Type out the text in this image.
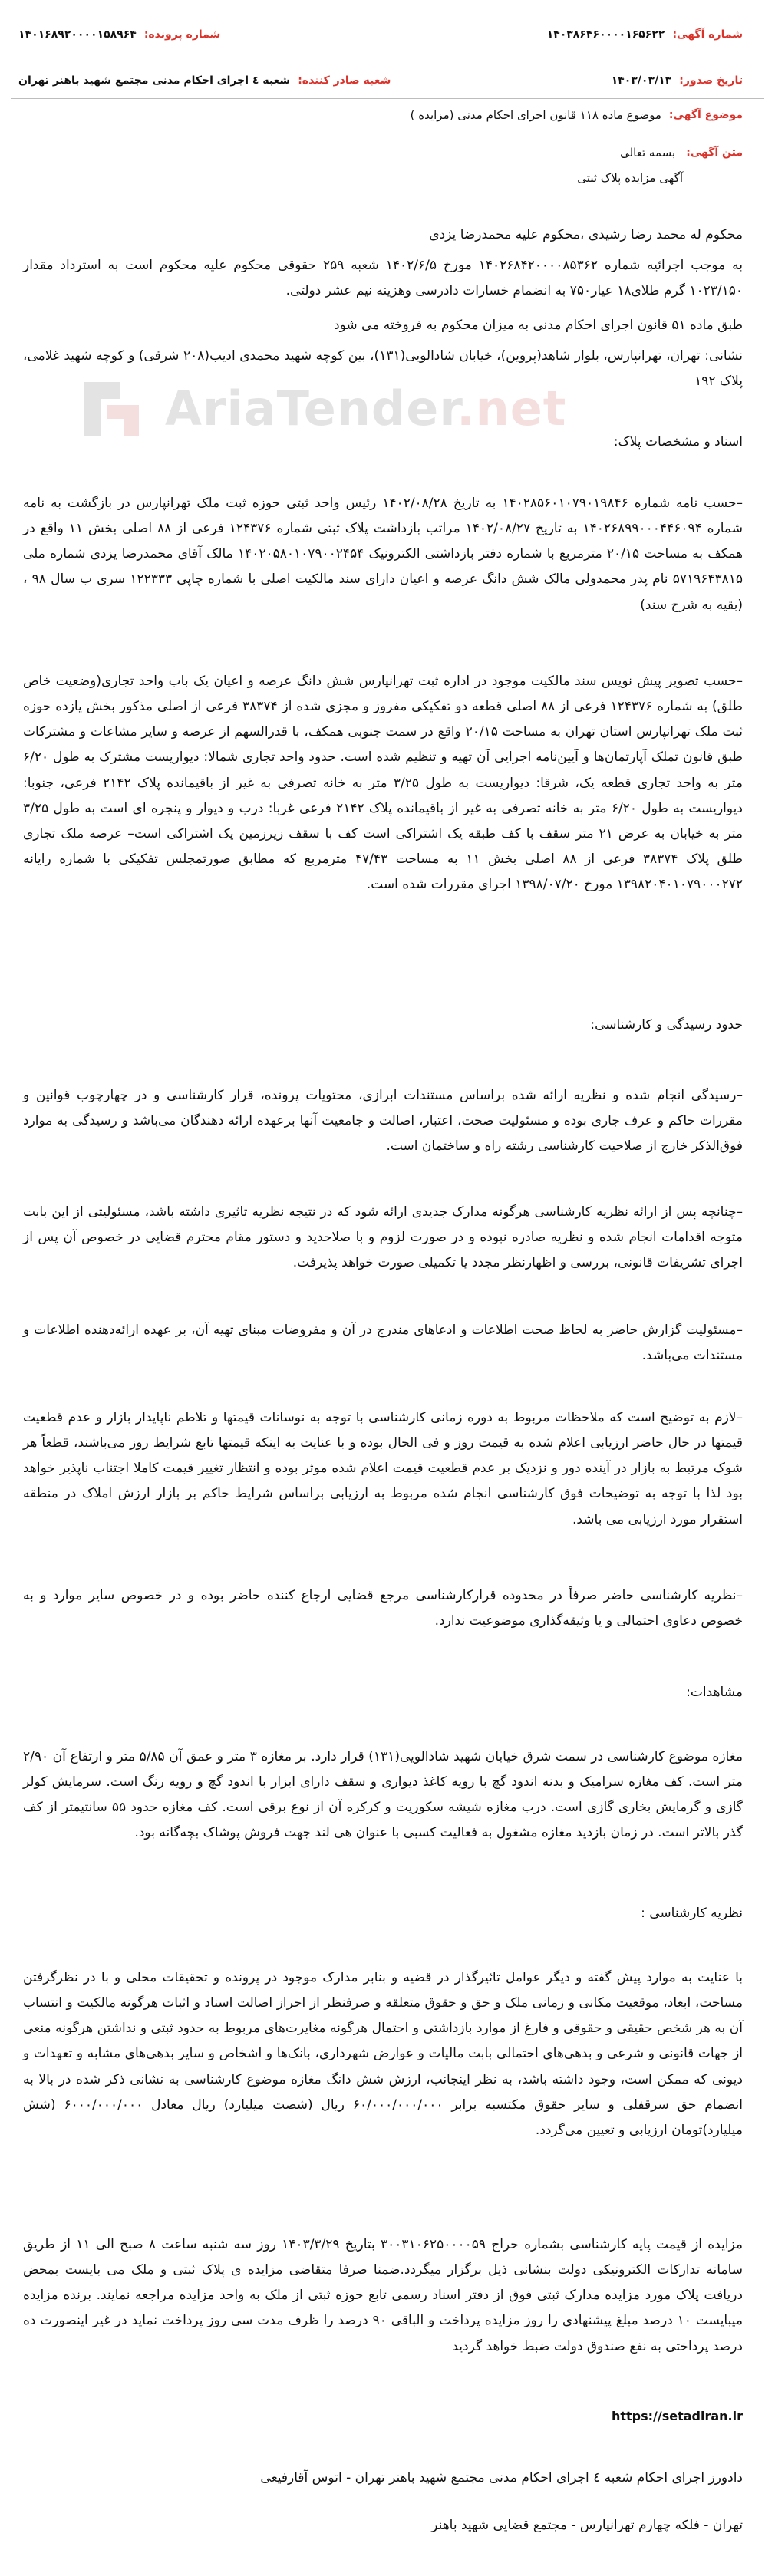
شماره آگهی:
۱۴۰۳۸۶۴۶۰۰۰۰۱۶۵۶۲۲
شماره پرونده:
۱۴۰۱۶۸۹۲۰۰۰۰۱۵۸۹۶۴
تاریخ صدور:
۱۴۰۳/۰۳/۱۳
شعبه صادر کننده:
شعبه ٤ اجرای احکام مدنی مجتمع شهید باهنر تهران
موضوع آگهی:
موضوع ماده ۱۱۸ قانون اجرای احکام مدنی (مزایده )
متن آگهی:
بسمه تعالی
آگهی مزایده پلاک ثبتی
AriaTender.net

محکوم له محمد رضا رشیدی ،محکوم علیه محمدرضا یزدی

به موجب اجرائیه شماره ۱۴۰۲۶۸۴۲۰۰۰۰۸۵۳۶۲ مورخ ۱۴۰۲/۶/۵ شعبه ۲۵۹ حقوقی محکوم علیه محکوم است به استرداد مقدار ۱۰۲۳/۱۵۰ گرم طلای۱۸ عیار۷۵۰ به انضمام خسارات دادرسی وهزینه نیم عشر دولتی.

طبق ماده ۵۱ قانون اجرای احکام مدنی به میزان محکوم به فروخته می شود

نشانی: تهران، تهرانپارس، بلوار شاهد(پروین)، خیابان شادالویی(۱۳۱)، بین کوچه شهید محمدی ادیب(۲۰۸ شرقی) و کوچه شهید غلامی، پلاک ۱۹۲

اسناد و مشخصات پلاک:

–حسب نامه شماره ۱۴۰۲۸۵۶۰۱۰۷۹۰۱۹۸۴۶ به تاریخ ۱۴۰۲/۰۸/۲۸ رئیس واحد ثبتی حوزه ثبت ملک تهرانپارس در بازگشت به نامه شماره ۱۴۰۲۶۸۹۹۰۰۰۴۴۶۰۹۴ به تاریخ ۱۴۰۲/۰۸/۲۷ مراتب بازداشت پلاک ثبتی شماره ۱۲۴۳۷۶ فرعی از ۸۸ اصلی بخش ۱۱ واقع در همکف به مساحت ۲۰/۱۵ مترمربع با شماره دفتر بازداشتی الکترونیک ۱۴۰۲۰۵۸۰۱۰۷۹۰۰۲۴۵۴ مالک آقای محمدرضا یزدی شماره ملی ۵۷۱۹۶۴۳۸۱۵ نام پدر محمدولی مالک شش دانگ عرصه و اعیان دارای سند مالکیت اصلی با شماره چاپی ۱۲۲۳۳۳ سری ب سال ۹۸ ، (بقیه به شرح سند)

–حسب تصویر پیش نویس سند مالکیت موجود در اداره ثبت تهرانپارس شش دانگ عرصه و اعیان یک باب واحد تجاری(وضعیت خاص طلق) به شماره ۱۲۴۳۷۶ فرعی از ۸۸ اصلی قطعه دو تفکیکی مفروز و مجزی شده از ۳۸۳۷۴ فرعی از اصلی مذکور بخش یازده حوزه ثبت ملک تهرانپارس استان تهران به مساحت ۲۰/۱۵ واقع در سمت جنوبی همکف، با قدرالسهم از عرصه و سایر مشاعات و مشترکات طبق قانون تملک آپارتمان‌ها و آیین‌نامه اجرایی آن تهیه و تنظیم شده است. حدود واحد تجاری شمالا: دیواریست مشترک به طول ۶/۲۰ متر به واحد تجاری قطعه یک، شرقا: دیواریست به طول ۳/۲۵ متر به خانه تصرفی به غیر از باقیمانده پلاک ۲۱۴۲ فرعی، جنوبا: دیواریست به طول ۶/۲۰ متر به خانه تصرفی به غیر از باقیمانده پلاک ۲۱۴۲ فرعی غربا: درب و دیوار و پنجره ای است به طول ۳/۲۵ متر به خیابان به عرض ۲۱ متر سقف با کف طبقه یک اشتراکی است کف با سقف زیرزمین یک اشتراکی است– عرصه ملک تجاری طلق پلاک ۳۸۳۷۴ فرعی از ۸۸ اصلی بخش ۱۱ به مساحت ۴۷/۴۳ مترمربع که مطابق صورتمجلس تفکیکی با شماره رایانه ۱۳۹۸۲۰۴۰۱۰۷۹۰۰۰۲۷۲ مورخ ۱۳۹۸/۰۷/۲۰ اجرای مقررات شده است.

حدود رسیدگی و کارشناسی:

–رسیدگی انجام شده و نظریه ارائه شده براساس مستندات ابرازی، محتویات پرونده، قرار کارشناسی و در چهارچوب قوانین و مقررات حاکم و عرف جاری بوده و مسئولیت صحت، اعتبار، اصالت و جامعیت آنها برعهده ارائه دهندگان می‌باشد و رسیدگی به موارد فوق‌الذکر خارج از صلاحیت کارشناسی رشته راه و ساختمان است.

–چنانچه پس از ارائه نظریه کارشناسی هرگونه مدارک جدیدی ارائه شود که در نتیجه نظریه تاثیری داشته باشد، مسئولیتی از این بابت متوجه اقدامات انجام شده و نظریه صادره نبوده و در صورت لزوم و با صلاحدید و دستور مقام محترم قضایی در خصوص آن پس از اجرای تشریفات قانونی، بررسی و اظهارنظر مجدد یا تکمیلی صورت خواهد پذیرفت.

–مسئولیت گزارش حاضر به لحاظ صحت اطلاعات و ادعاهای مندرج در آن و مفروضات مبنای تهیه آن، بر عهده ارائه‌دهنده اطلاعات و مستندات می‌باشد.

–لازم به توضیح است که ملاحظات مربوط به دوره زمانی کارشناسی با توجه به نوسانات قیمتها و تلاطم ناپایدار بازار و عدم قطعیت قیمتها در حال حاضر ارزیابی اعلام شده به قیمت روز و فی الحال بوده و با عنایت به اینکه قیمتها تابع شرایط روز می‌باشند، قطعاً هر شوک مرتبط به بازار در آینده دور و نزدیک بر عدم قطعیت قیمت اعلام شده موثر بوده و انتظار تغییر قیمت کاملا اجتناب ناپذیر خواهد بود لذا با توجه به توضیحات فوق کارشناسی انجام شده مربوط به ارزیابی براساس شرایط حاکم بر بازار ارزش املاک در منطقه استقرار مورد ارزیابی می باشد.

–نظریه کارشناسی حاضر صرفاً در محدوده قرارکارشناسی مرجع قضایی ارجاع کننده حاضر بوده و در خصوص سایر موارد و به خصوص دعاوی احتمالی و یا وثیقه‌گذاری موضوعیت ندارد.

مشاهدات:

مغازه موضوع کارشناسی در سمت شرق خیابان شهید شادالویی(۱۳۱) قرار دارد. بر مغازه ۳ متر و عمق آن ۵/۸۵ متر و ارتفاع آن ۲/۹۰ متر است. کف مغازه سرامیک و بدنه اندود گچ با رویه کاغذ دیواری و سقف دارای ابزار با اندود گچ و رویه رنگ است. سرمایش کولر گازی و گرمایش بخاری گازی است. درب مغازه شیشه سکوریت و کرکره آن از نوع برقی است. کف مغازه حدود ۵۵ سانتیمتر از کف گذر بالاتر است. در زمان بازدید مغازه مشغول به فعالیت کسبی با عنوان هی لند جهت فروش پوشاک بچه‌گانه بود.

نظریه کارشناسی :

با عنایت به موارد پیش گفته و دیگر عوامل تاثیرگذار در قضیه و بنابر مدارک موجود در پرونده و تحقیقات محلی و با در نظرگرفتن مساحت، ابعاد، موقعیت مکانی و زمانی ملک و حق و حقوق متعلقه و صرفنظر از احراز اصالت اسناد و اثبات هرگونه مالکیت و انتساب آن به هر شخص حقیقی و حقوقی و فارغ از موارد بازداشتی و احتمال هرگونه مغایرت‌های مربوط به حدود ثبتی و نداشتن هرگونه منعی از جهات قانونی و شرعی و بدهی‌های احتمالی بابت مالیات و عوارض شهرداری، بانک‌ها و اشخاص و سایر بدهی‌های مشابه و تعهدات و دیونی که ممکن است، وجود داشته باشد، به نظر اینجانب، ارزش شش دانگ مغازه موضوع کارشناسی به نشانی ذکر شده در بالا به انضمام حق سرقفلی و سایر حقوق مکتسبه برابر ۶۰/۰۰۰/۰۰۰/۰۰۰ ریال (شصت میلیارد) ریال معادل ۶۰۰۰/۰۰۰/۰۰۰ (شش میلیارد)تومان ارزیابی و تعیین می‌گردد.

مزایده از قیمت پایه کارشناسی بشماره حراج ۳۰۰۳۱۰۶۲۵۰۰۰۰۵۹ بتاریخ ۱۴۰۳/۳/۲۹ روز سه شنبه ساعت ۸ صبح الی ۱۱ از طریق سامانه تدارکات الکترونیکی دولت بنشانی ذیل برگزار میگردد.ضمنا صرفا متقاضی مزایده ی پلاک ثبتی و ملک می بایست بمحض دریافت پلاک مورد مزایده مدارک ثبتی فوق از دفتر اسناد رسمی تابع حوزه ثبتی از ملک به واحد مزایده مراجعه نمایند. برنده مزایده میبایست ۱۰ درصد مبلغ پیشنهادی را روز مزایده پرداخت و الباقی ۹۰ درصد را ظرف مدت سی روز پرداخت نماید در غیر اینصورت ده درصد پرداختی به نفع صندوق دولت ضبط خواهد گردید

https://setadiran.ir

دادورز اجرای احکام شعبه ٤ اجرای احکام مدنی مجتمع شهید باهنر تهران - اتوس آقارفیعی

تهران - فلکه چهارم تهرانپارس - مجتمع قضایی شهید باهنر
